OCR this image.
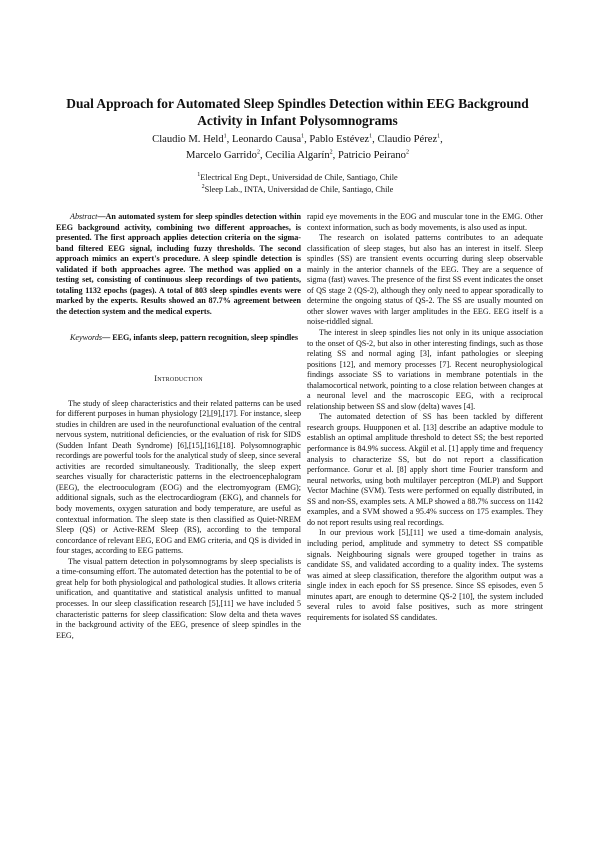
Dual Approach for Automated Sleep Spindles Detection within EEG Background Activity in Infant Polysomnograms
Claudio M. Held$^1$, Leonardo Causa$^1$, Pablo Estévez$^1$, Claudio Pérez$^1$,
Marcelo Garrido$^2$, Cecilia Algarín$^2$, Patricio Peirano$^2$
$^1$Electrical Eng Dept., Universidad de Chile, Santiago, Chile
$^2$Sleep Lab., INTA, Universidad de Chile, Santiago, Chile

Abstract—An automated system for sleep spindles detection within EEG background activity, combining two different approaches, is presented. The first approach applies detection criteria on the sigma-band filtered EEG signal, including fuzzy thresholds. The second approach mimics an expert's procedure. A sleep spindle detection is validated if both approaches agree. The method was applied on a testing set, consisting of continuous sleep recordings of two patients, totaling 1132 epochs (pages). A total of 803 sleep spindles events were marked by the experts. Results showed an 87.7% agreement between the detection system and the medical experts.

Keywords— EEG, infants sleep, pattern recognition, sleep spindles

Introduction

The study of sleep characteristics and their related patterns can be used for different purposes in human physiology [2],[9],[17]. For instance, sleep studies in children are used in the neurofunctional evaluation of the central nervous system, nutritional deficiencies, or the evaluation of risk for SIDS (Sudden Infant Death Syndrome) [6],[15],[16],[18]. Polysomnographic recordings are powerful tools for the analytical study of sleep, since several activities are recorded simultaneously. Traditionally, the sleep expert searches visually for characteristic patterns in the electroencephalogram (EEG), the electrooculogram (EOG) and the electromyogram (EMG); additional signals, such as the electrocardiogram (EKG), and channels for body movements, oxygen saturation and body temperature, are useful as contextual information. The sleep state is then classified as Quiet-NREM Sleep (QS) or Active-REM Sleep (RS), according to the temporal concordance of relevant EEG, EOG and EMG criteria, and QS is divided in four stages, according to EEG patterns.

The visual pattern detection in polysomnograms by sleep specialists is a time-consuming effort. The automated detection has the potential to be of great help for both physiological and pathological studies. It allows criteria unification, and quantitative and statistical analysis unfitted to manual processes. In our sleep classification research [5],[11] we have included 5 characteristic patterns for sleep classification: Slow delta and theta waves in the background activity of the EEG, presence of sleep spindles in the EEG,

rapid eye movements in the EOG and muscular tone in the EMG. Other context information, such as body movements, is also used as input.

The research on isolated patterns contributes to an adequate classification of sleep stages, but also has an interest in itself. Sleep spindles (SS) are transient events occurring during sleep observable mainly in the anterior channels of the EEG. They are a sequence of sigma (fast) waves. The presence of the first SS event indicates the onset of QS stage 2 (QS-2), although they only need to appear sporadically to determine the ongoing status of QS-2. The SS are usually mounted on other slower waves with larger amplitudes in the EEG. EEG itself is a noise-riddled signal.

The interest in sleep spindles lies not only in its unique association to the onset of QS-2, but also in other interesting findings, such as those relating SS and normal aging [3], infant pathologies or sleeping positions [12], and memory processes [7]. Recent neurophysiological findings associate SS to variations in membrane potentials in the thalamocortical network, pointing to a close relation between changes at a neuronal level and the macroscopic EEG, with a reciprocal relationship between SS and slow (delta) waves [4].

The automated detection of SS has been tackled by different research groups. Huupponen et al. [13] describe an adaptive module to establish an optimal amplitude threshold to detect SS; the best reported performance is 84.9% success. Akgül et al. [1] apply time and frequency analysis to characterize SS, but do not report a classification performance. Gorur et al. [8] apply short time Fourier transform and neural networks, using both multilayer perceptron (MLP) and Support Vector Machine (SVM). Tests were performed on equally distributed, in SS and non-SS, examples sets. A MLP showed a 88.7% success on 1142 examples, and a SVM showed a 95.4% success on 175 examples. They do not report results using real recordings.

In our previous work [5],[11] we used a time-domain analysis, including period, amplitude and symmetry to detect SS compatible signals. Neighbouring signals were grouped together in trains as candidate SS, and validated according to a quality index. The systems was aimed at sleep classification, therefore the algorithm output was a single index in each epoch for SS presence. Since SS episodes, even 5 minutes apart, are enough to determine QS-2 [10], the system included several rules to avoid false positives, such as more stringent requirements for isolated SS candidates.
